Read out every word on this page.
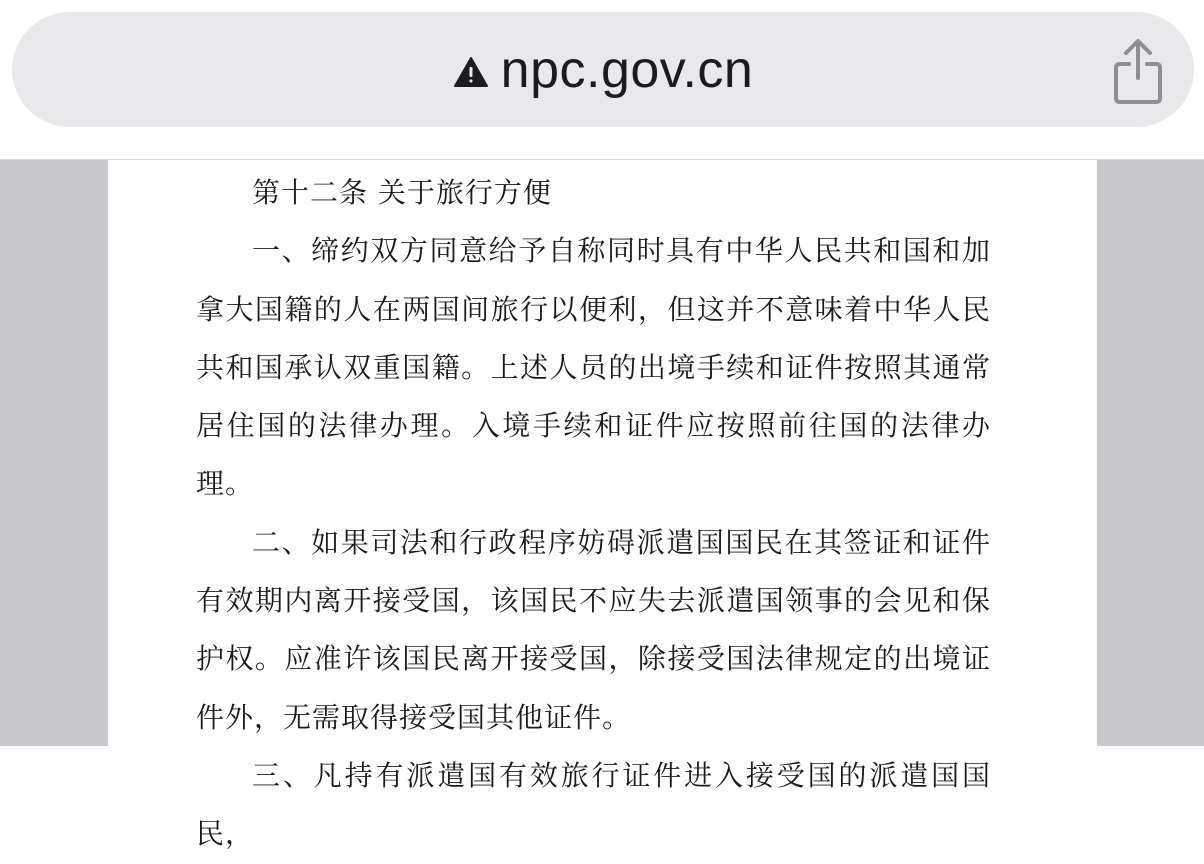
npc.gov.cn

第十二条 关于旅行方便

一、缔约双方同意给予自称同时具有中华人民共和国和加拿大国籍的人在两国间旅行以便利，但这并不意味着中华人民共和国承认双重国籍。上述人员的出境手续和证件按照其通常居住国的法律办理。入境手续和证件应按照前往国的法律办理。

二、如果司法和行政程序妨碍派遣国国民在其签证和证件有效期内离开接受国，该国民不应失去派遣国领事的会见和保护权。应准许该国民离开接受国，除接受国法律规定的出境证件外，无需取得接受国其他证件。

三、凡持有派遣国有效旅行证件进入接受国的派遣国国民，
